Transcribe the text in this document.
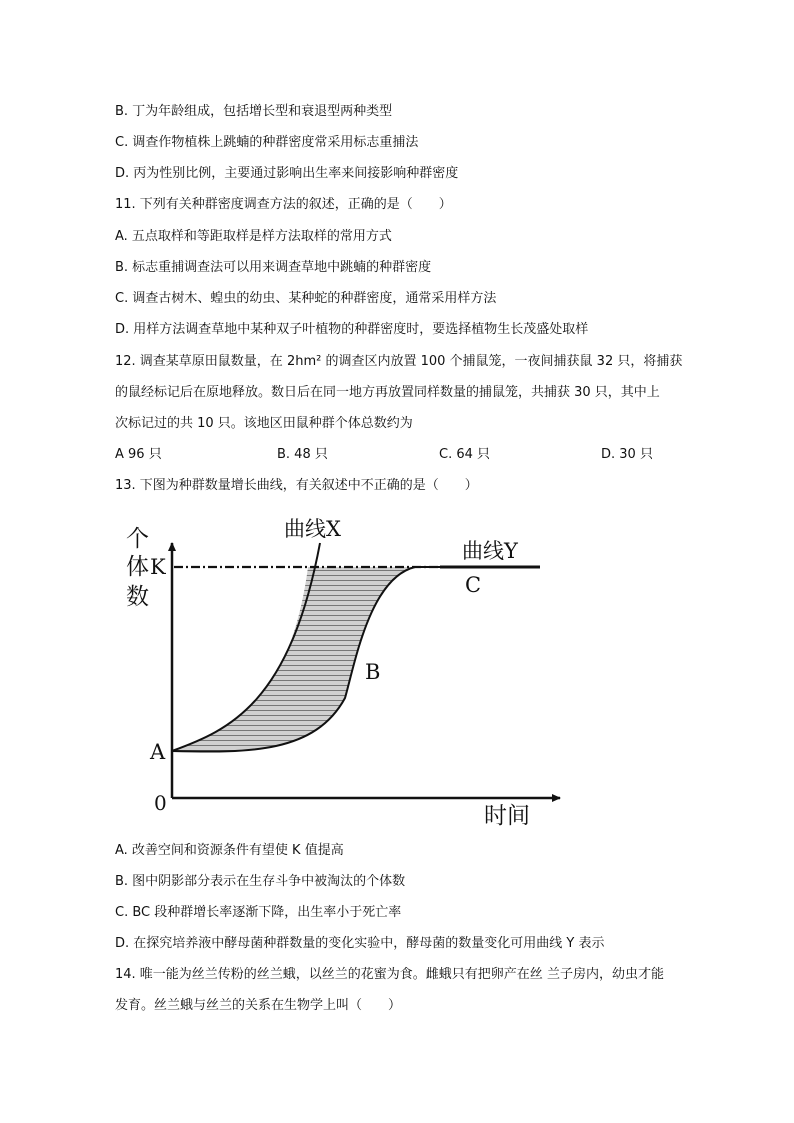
B. 丁为年龄组成，包括增长型和衰退型两种类型
C. 调查作物植株上跳蝻的种群密度常采用标志重捕法
D. 丙为性别比例，主要通过影响出生率来间接影响种群密度
11. 下列有关种群密度调查方法的叙述，正确的是（　　）
A. 五点取样和等距取样是样方法取样的常用方式
B. 标志重捕调查法可以用来调查草地中跳蝻的种群密度
C. 调查古树木、蝗虫的幼虫、某种蛇的种群密度，通常采用样方法
D. 用样方法调查草地中某种双子叶植物的种群密度时，要选择植物生长茂盛处取样
12. 调查某草原田鼠数量，在 2hm² 的调查区内放置 100 个捕鼠笼，一夜间捕获鼠 32 只，将捕获
的鼠经标记后在原地释放。数日后在同一地方再放置同样数量的捕鼠笼，共捕获 30 只，其中上
次标记过的共 10 只。该地区田鼠种群个体总数约为
A 96 只	B. 48 只	C. 64 只	D. 30 只
13. 下图为种群数量增长曲线，有关叙述中不正确的是（　　）
个
体
数
K
A
0
曲线X
曲线Y
C
B
时间
A. 改善空间和资源条件有望使 K 值提高
B. 图中阴影部分表示在生存斗争中被淘汰的个体数
C. BC 段种群增长率逐渐下降，出生率小于死亡率
D. 在探究培养液中酵母菌种群数量的变化实验中，酵母菌的数量变化可用曲线 Y 表示
14. 唯一能为丝兰传粉的丝兰蛾，以丝兰的花蜜为食。雌蛾只有把卵产在丝 兰子房内，幼虫才能
发育。丝兰蛾与丝兰的关系在生物学上叫（　　）
